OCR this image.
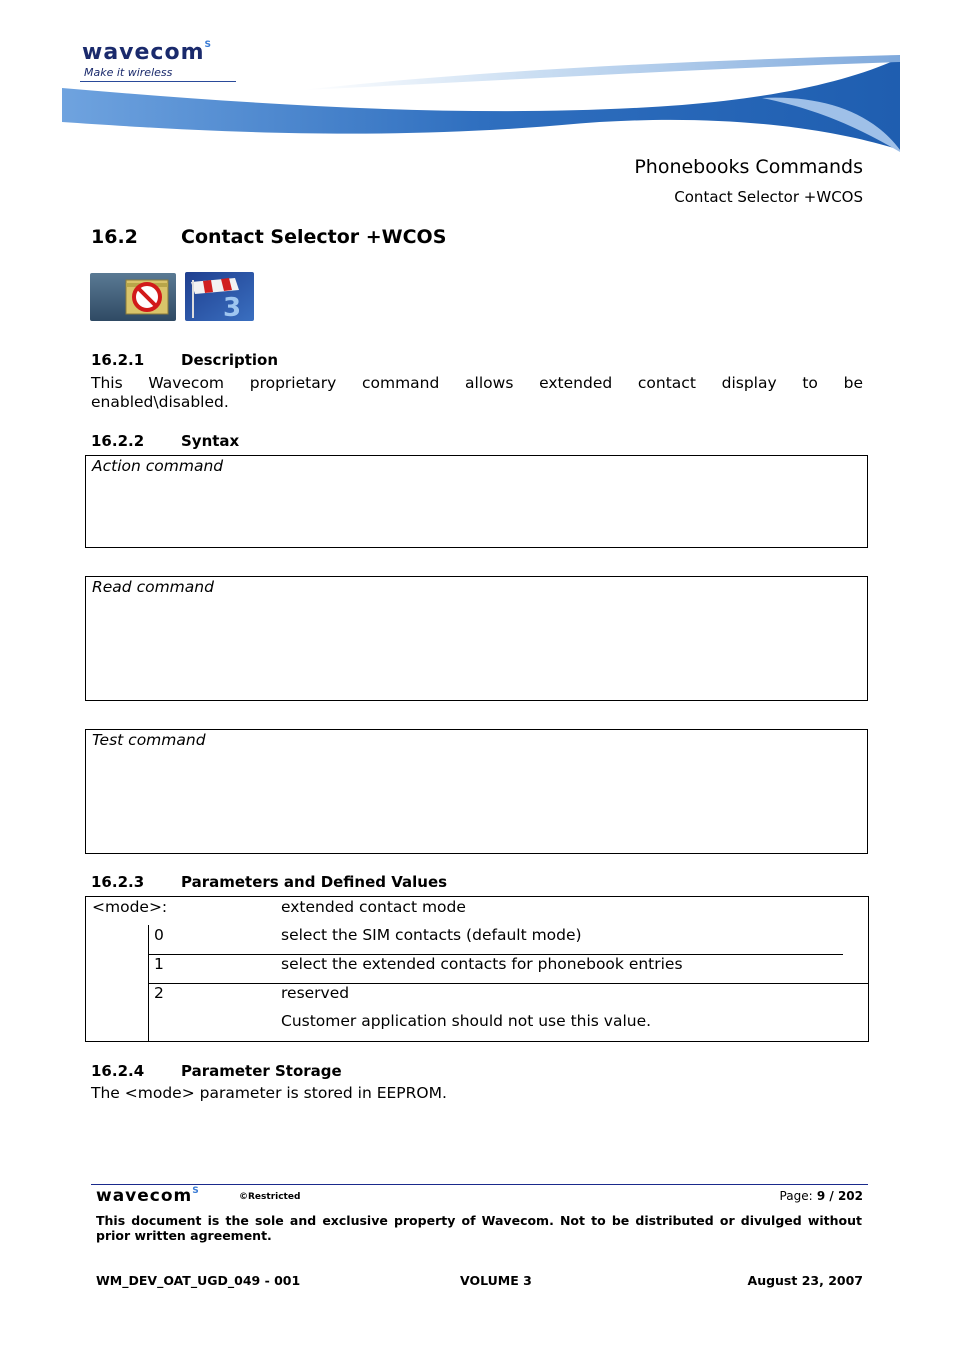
wavecom$^S$
Make it wireless
Phonebooks Commands
Contact Selector +WCOS
16.2 Contact Selector +WCOS
3
16.2.1 Description
This Wavecom proprietary command allows extended contact display to be
enabled\disabled.
16.2.2 Syntax
Action command
Read command
Test command
16.2.3 Parameters and Defined Values
<mode>:	extended contact mode
0	select the SIM contacts (default mode)
1	select the extended contacts for phonebook entries
2	reserved
Customer application should not use this value.
16.2.4 Parameter Storage
The <mode> parameter is stored in EEPROM.
wavecom$^S$
©Restricted	Page: 9 / 202
This document is the sole and exclusive property of Wavecom. Not to be distributed or divulged without prior written agreement.
WM_DEV_OAT_UGD_049 - 001	VOLUME 3	August 23, 2007
